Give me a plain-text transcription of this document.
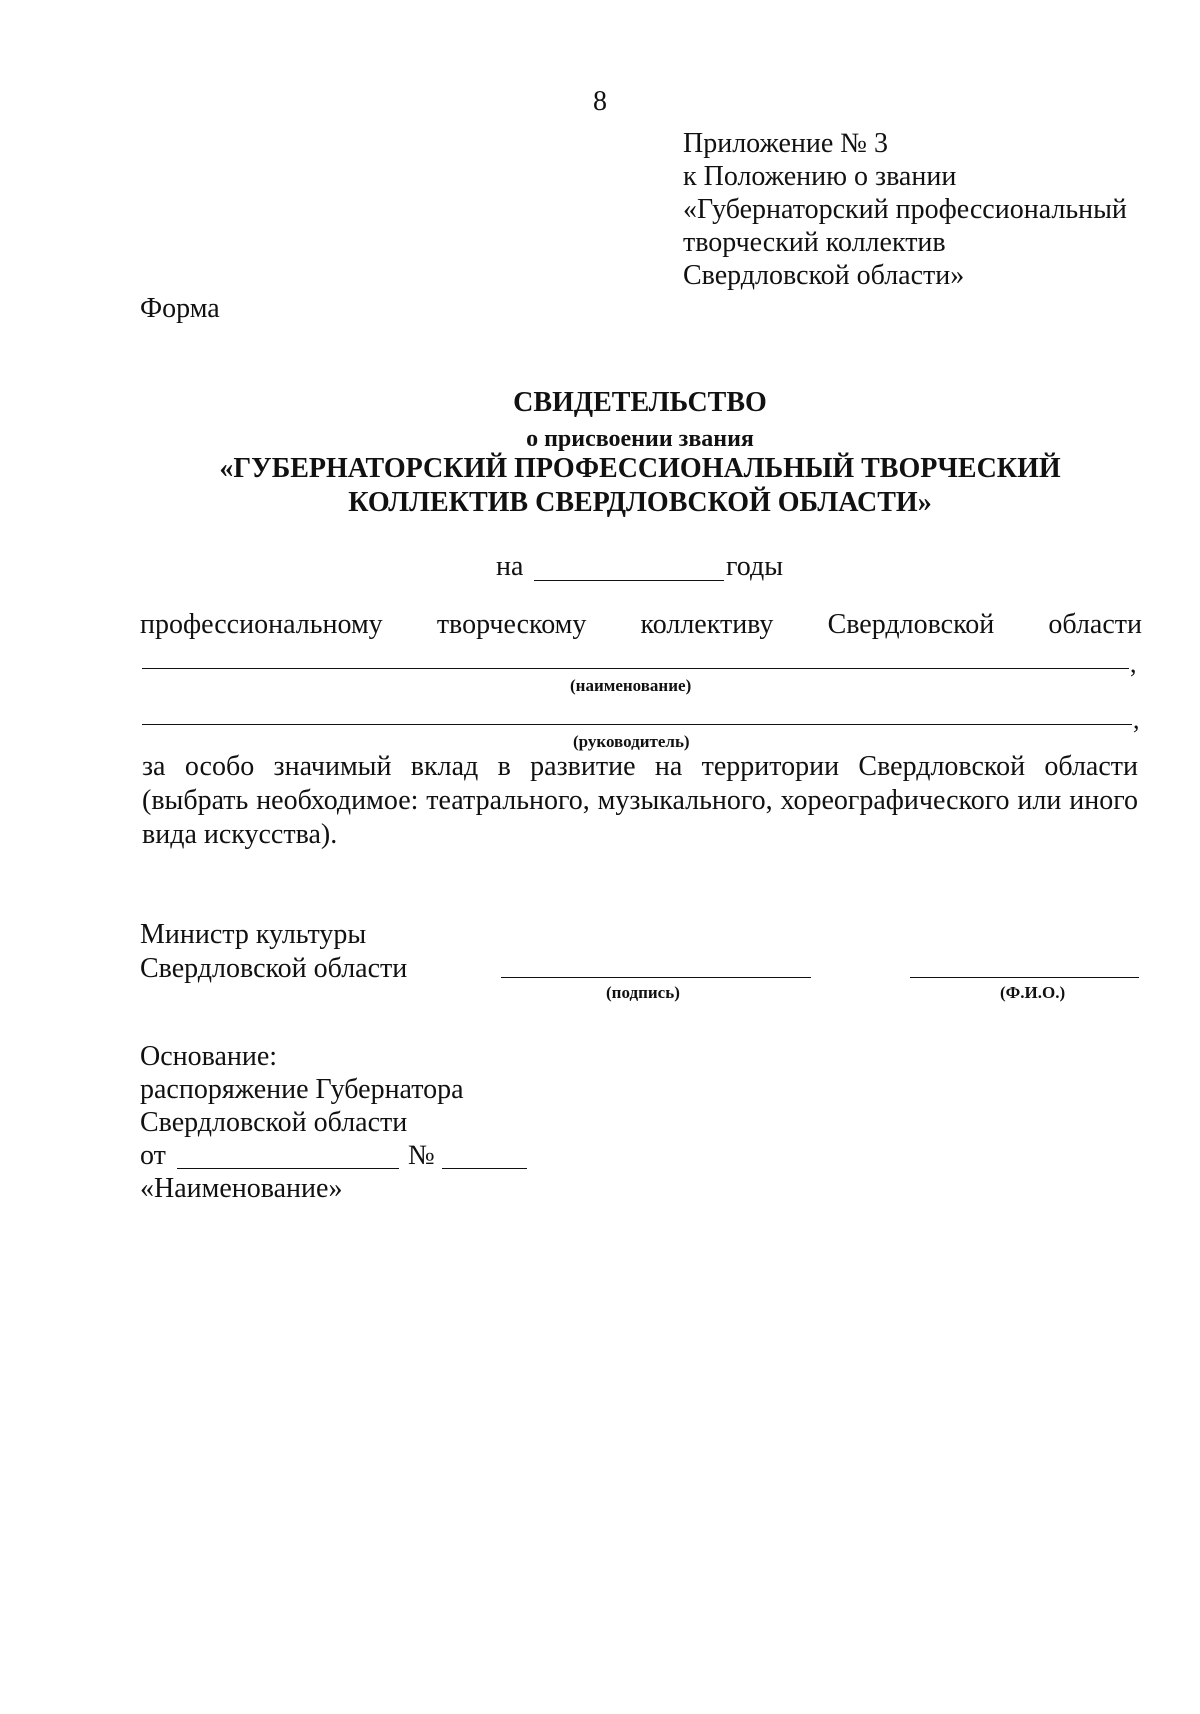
8
Приложение № 3
к Положению о звании
«Губернаторский профессиональный
творческий коллектив
Свердловской области»
Форма
СВИДЕТЕЛЬСТВО
о присвоении звания
«ГУБЕРНАТОРСКИЙ ПРОФЕССИОНАЛЬНЫЙ ТВОРЧЕСКИЙ
КОЛЛЕКТИВ СВЕРДЛОВСКОЙ ОБЛАСТИ»
на	годы
профессиональному творческому коллективу Свердловской области
,
(наименование)
,
(руководитель)
за особо значимый вклад в развитие на территории Свердловской области (выбрать необходимое: театрального, музыкального, хореографического или иного вида искусства).
Министр культуры
Свердловской области
(подпись)	(Ф.И.О.)
Основание:
распоряжение Губернатора
Свердловской области
от	№
«Наименование»
